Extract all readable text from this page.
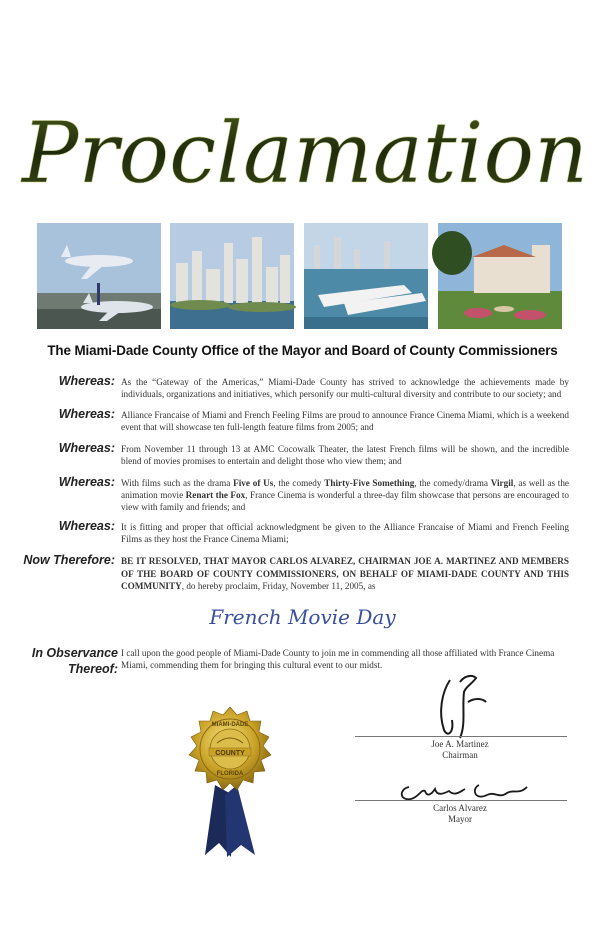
Proclamation
The Miami-Dade County Office of the Mayor and Board of County Commissioners
Whereas: As the “Gateway of the Americas,” Miami-Dade County has strived to acknowledge the achievements made by individuals, organizations and initiatives, which personify our multi-cultural diversity and contribute to our society; and
Whereas: Alliance Francaise of Miami and French Feeling Films are proud to announce France Cinema Miami, which is a weekend event that will showcase ten full-length feature films from 2005; and
Whereas: From November 11 through 13 at AMC Cocowalk Theater, the latest French films will be shown, and the incredible blend of movies promises to entertain and delight those who view them; and
Whereas: With films such as the drama Five of Us, the comedy Thirty-Five Something, the comedy/drama Virgil, as well as the animation movie Renart the Fox, France Cinema is wonderful a three-day film showcase that persons are encouraged to view with family and friends; and
Whereas: It is fitting and proper that official acknowledgment be given to the Alliance Francaise of Miami and French Feeling Films as they host the France Cinema Miami;
Now Therefore: BE IT RESOLVED, THAT MAYOR CARLOS ALVAREZ, CHAIRMAN JOE A. MARTINEZ AND MEMBERS OF THE BOARD OF COUNTY COMMISSIONERS, ON BEHALF OF MIAMI-DADE COUNTY AND THIS COMMUNITY, do hereby proclaim, Friday, November 11, 2005, as
French Movie Day
In Observance
Thereof:
I call upon the good people of Miami-Dade County to join me in commending all those affiliated with France Cinema Miami, commending them for bringing this cultural event to our midst.
MIAMI-DADE
COUNTY
FLORIDA
Joe A. Martinez
Chairman
Carlos Alvarez
Mayor
